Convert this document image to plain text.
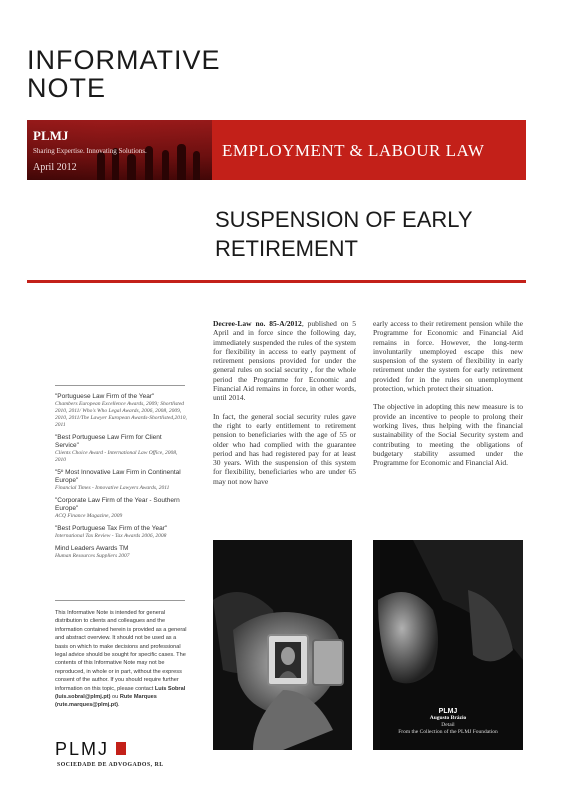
INFORMATIVE
NOTE
PLMJ
Sharing Expertise. Innovating Solutions.
April 2012
EMPLOYMENT & LABOUR LAW
SUSPENSION OF EARLY
RETIREMENT
"Portuguese Law Firm of the Year"
Chambers European Excellence Awards, 2009; Shortlisted 2010, 2011/ Who's Who Legal Awards, 2006, 2008, 2009, 2010, 2011/The Lawyer European Awards-Shortlisted,2010, 2011
"Best Portuguese Law Firm for Client Service"
Clients Choice Award - International Law Office, 2008, 2010
"5º Most Innovative Law Firm in Continental Europe"
Financial Times - Innovative Lawyers Awards, 2011
"Corporate Law Firm of the Year - Southern Europe"
ACQ Finance Magazine, 2009
"Best Portuguese Tax Firm of the Year"
International Tax Review - Tax Awards 2006, 2008
Mind Leaders Awards TM
Human Resources Suppliers 2007
This Informative Note is intended for general distribution to clients and colleagues and the information contained herein is provided as a general and abstract overview. It should not be used as a basis on which to make decisions and professional legal advice should be sought for specific cases. The contents of this Informative Note may not be reproduced, in whole or in part, without the express consent of the author. If you should require further information on this topic, please contact Luís Sobral (luis.sobral@plmj.pt) ou Rute Marques (rute.marques@plmj.pt).
PLMJ
SOCIEDADE DE ADVOGADOS, RL

Decree-Law no. 85-A/2012, published on 5 April and in force since the following day, immediately suspended the rules of the system for flexibility in access to early payment of retirement pensions provided for under the general rules on social security , for the whole period the Programme for Economic and Financial Aid remains in force, in other words, until 2014.

In fact, the general social security rules gave the right to early entitlement to retirement pension to beneficiaries with the age of 55 or older who had complied with the guarantee period and has had registered pay for at least 30 years. With the suspension of this system for flexibility, beneficiaries who are under 65 may not now have

early access to their retirement pension while the Programme for Economic and Financial Aid remains in force. However, the long-term involuntarily unemployed escape this new suspension of the system of flexibility in early retirement under the system for early retirement provided for in the rules on unemployment protection, which protect their situation.

The objective in adopting this new measure is to provide an incentive to people to prolong their working lives, thus helping with the financial sustainability of the Social Security system and contributing to meeting the obligations of budgetary stability assumed under the Programme for Economic and Financial Aid.

PLMJ
Augusto Brázio
Detail
From the Collection of the PLMJ Foundation
